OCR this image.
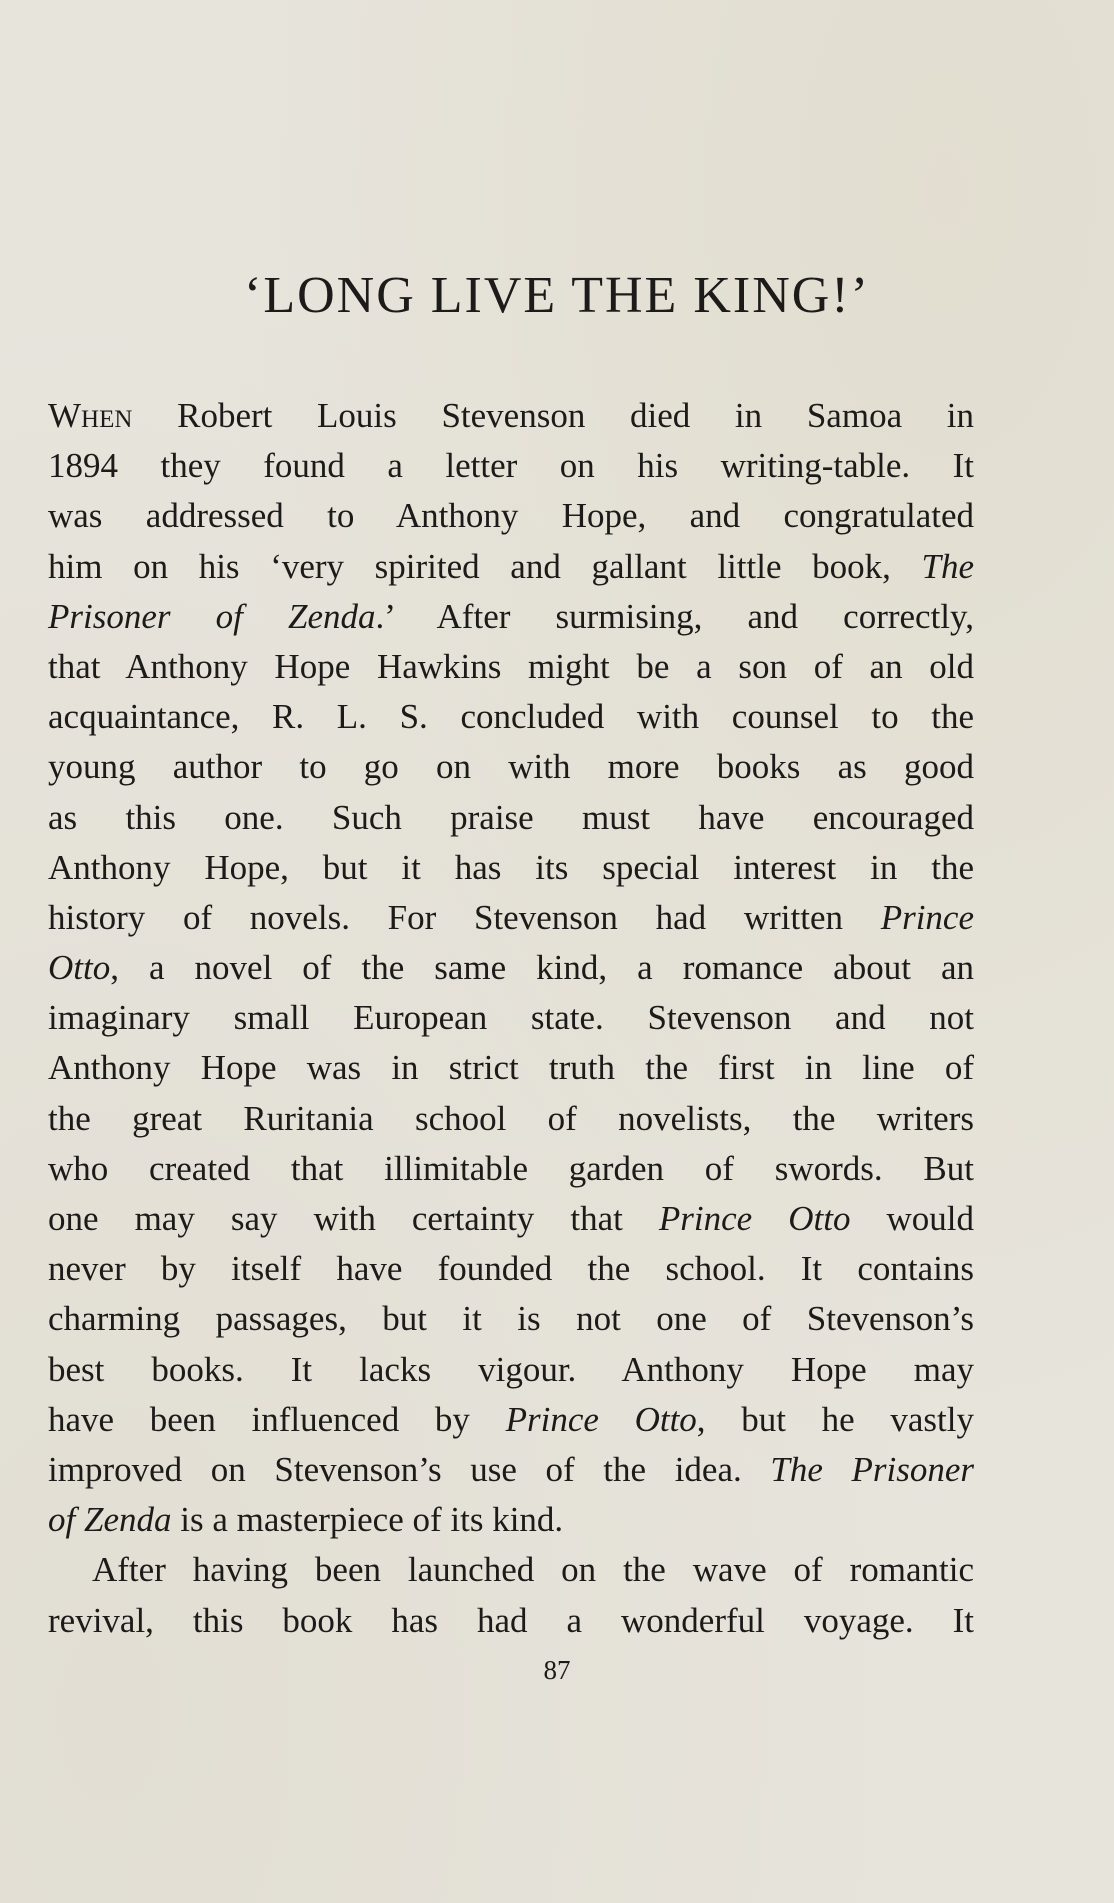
‘LONG LIVE THE KING!’
When Robert Louis Stevenson died in Samoa in
1894 they found a letter on his writing-table. It
was addressed to Anthony Hope, and congratulated
him on his ‘very spirited and gallant little book, The
Prisoner of Zenda.’ After surmising, and correctly,
that Anthony Hope Hawkins might be a son of an old
acquaintance, R. L. S. concluded with counsel to the
young author to go on with more books as good
as this one. Such praise must have encouraged
Anthony Hope, but it has its special interest in the
history of novels. For Stevenson had written Prince
Otto, a novel of the same kind, a romance about an
imaginary small European state. Stevenson and not
Anthony Hope was in strict truth the first in line of
the great Ruritania school of novelists, the writers
who created that illimitable garden of swords. But
one may say with certainty that Prince Otto would
never by itself have founded the school. It contains
charming passages, but it is not one of Stevenson’s
best books. It lacks vigour. Anthony Hope may
have been influenced by Prince Otto, but he vastly
improved on Stevenson’s use of the idea. The Prisoner
of Zenda is a masterpiece of its kind.
After having been launched on the wave of romantic
revival, this book has had a wonderful voyage. It
87
